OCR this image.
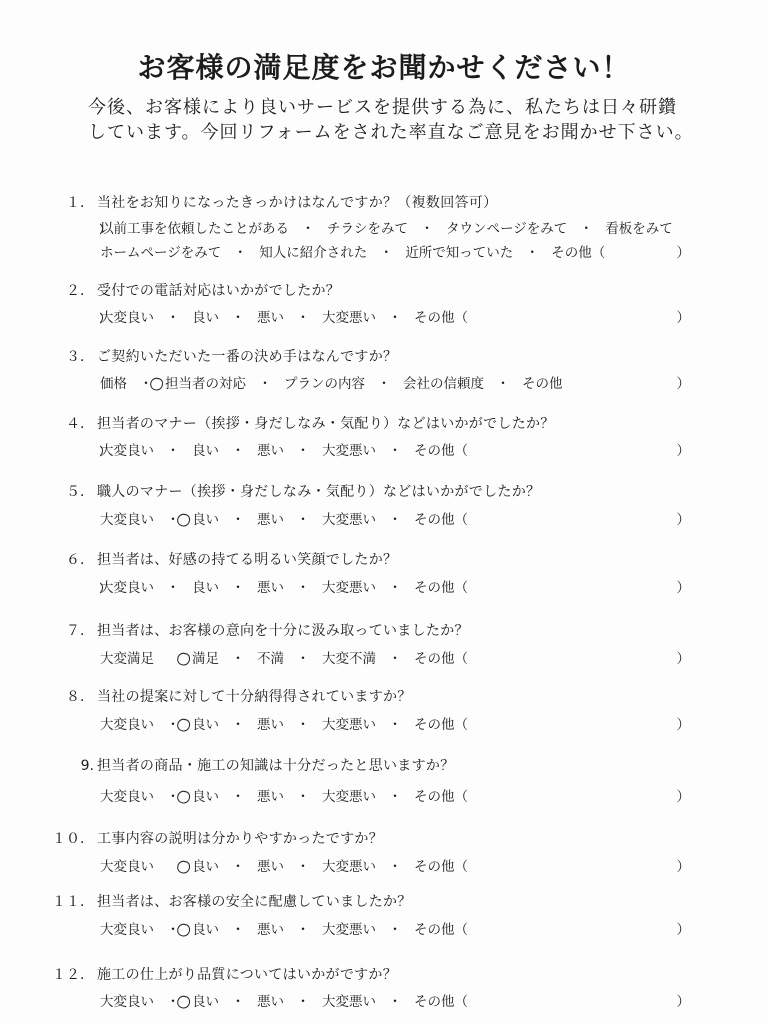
お客様の満足度をお聞かせください！
今後、お客様により良いサービスを提供する為に、私たちは日々研鑽
しています。今回リフォームをされた率直なご意見をお聞かせ下さい。
１． 当社をお知りになったきっかけはなんですか？（複数回答可）
以前工事を依頼したことがある ・ チラシをみて ・ タウンページをみて ・ 看板をみて
ホームページをみて ・ 知人に紹介された ・ 近所で知っていた ・ その他（	）
２． 受付での電話対応はいかがでしたか？
大変良い ・ 良い ・ 悪い ・ 大変悪い ・ その他（	）
３． ご契約いただいた一番の決め手はなんですか？
価格 ・ 担当者の対応 ・ プランの内容 ・ 会社の信頼度 ・ その他	）
４． 担当者のマナー（挨拶・身だしなみ・気配り）などはいかがでしたか？
大変良い ・ 良い ・ 悪い ・ 大変悪い ・ その他（	）
５． 職人のマナー（挨拶・身だしなみ・気配り）などはいかがでしたか？
大変良い ・ 良い ・ 悪い ・ 大変悪い ・ その他（	）
６． 担当者は、好感の持てる明るい笑顔でしたか？
大変良い ・ 良い ・ 悪い ・ 大変悪い ・ その他（	）
７． 担当者は、お客様の意向を十分に汲み取っていましたか？
大変満足	満足 ・ 不満 ・ 大変不満 ・ その他（	）
８． 当社の提案に対して十分納得得されていますか？
大変良い ・ 良い ・ 悪い ・ 大変悪い ・ その他（	）
9. 担当者の商品・施工の知識は十分だったと思いますか？
大変良い ・ 良い ・ 悪い ・ 大変悪い ・ その他（	）
１０． 工事内容の説明は分かりやすかったですか？
大変良い	良い ・ 悪い ・ 大変悪い ・ その他（	）
１１． 担当者は、お客様の安全に配慮していましたか？
大変良い ・ 良い ・ 悪い ・ 大変悪い ・ その他（	）
１２． 施工の仕上がり品質についてはいかがですか？
大変良い ・ 良い ・ 悪い ・ 大変悪い ・ その他（	）
